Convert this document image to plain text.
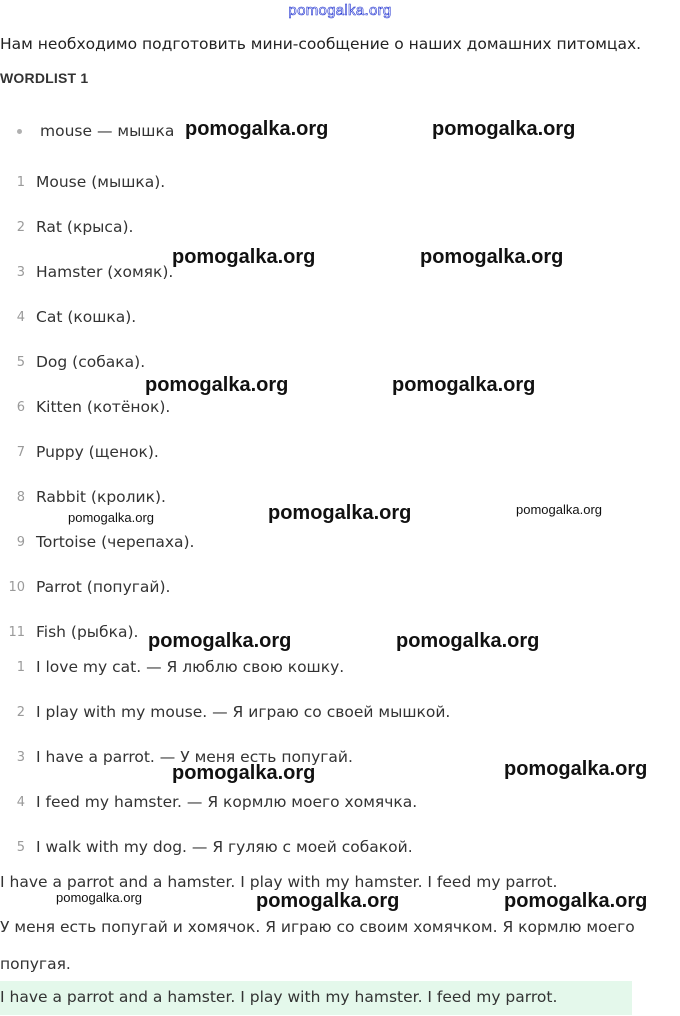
pomogalka.org
Нам необходимо подготовить мини-сообщение о наших домашних питомцах.
WORDLIST 1
mouse — мышка
1 Mouse (мышка).
2 Rat (крыса).
3 Hamster (хомяк).
4 Cat (кошка).
5 Dog (собака).
6 Kitten (котёнок).
7 Puppy (щенок).
8 Rabbit (кролик).
9 Tortoise (черепаха).
10 Parrot (попугай).
11 Fish (рыбка).
1 I love my cat. — Я люблю свою кошку.
2 I play with my mouse. — Я играю со своей мышкой.
3 I have a parrot. — У меня есть попугай.
4 I feed my hamster. — Я кормлю моего хомячка.
5 I walk with my dog. — Я гуляю с моей собакой.
I have a parrot and a hamster. I play with my hamster. I feed my parrot.
У меня есть попугай и хомячок. Я играю со своим хомячком. Я кормлю моего
попугая.
I have a parrot and a hamster. I play with my hamster. I feed my parrot.
pomogalka.org	pomogalka.org
pomogalka.org	pomogalka.org
pomogalka.org	pomogalka.org
pomogalka.org	pomogalka.org	pomogalka.org
pomogalka.org	pomogalka.org
pomogalka.org	pomogalka.org
pomogalka.org	pomogalka.org	pomogalka.org
